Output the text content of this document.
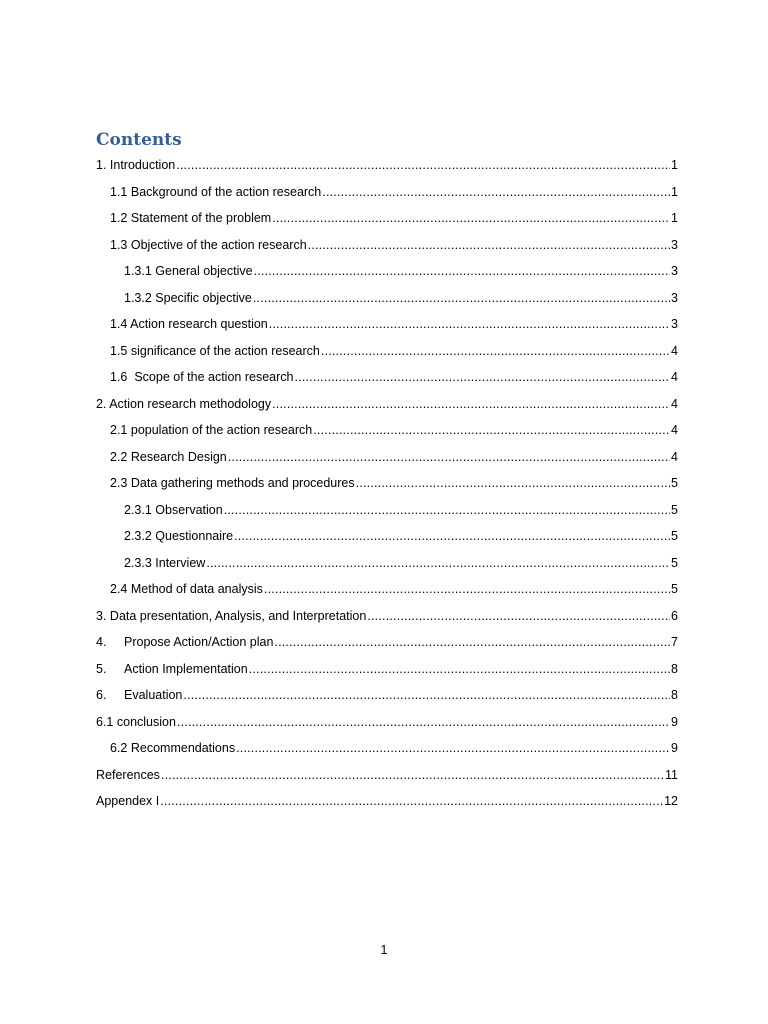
Contents
1. Introduction .....	1
1.1 Background of the action research .....	1
1.2 Statement of the problem .....	1
1.3 Objective of the action research .....	3
1.3.1 General objective .....	3
1.3.2 Specific objective .....	3
1.4 Action research question .....	3
1.5 significance of the action research .....	4
1.6 Scope of the action research .....	4
2. Action research methodology .....	4
2.1 population of the action research .....	4
2.2 Research Design .....	4
2.3 Data gathering methods and procedures .....	5
2.3.1 Observation .....	5
2.3.2 Questionnaire .....	5
2.3.3 Interview .....	5
2.4 Method of data analysis .....	5
3. Data presentation, Analysis, and Interpretation .....	6
4.	Propose Action/Action plan .....	7
5.	Action Implementation .....	8
6.	Evaluation .....	8
6.1 conclusion .....	9
6.2 Recommendations .....	9
References .....	11
Appendex I .....	12
1
